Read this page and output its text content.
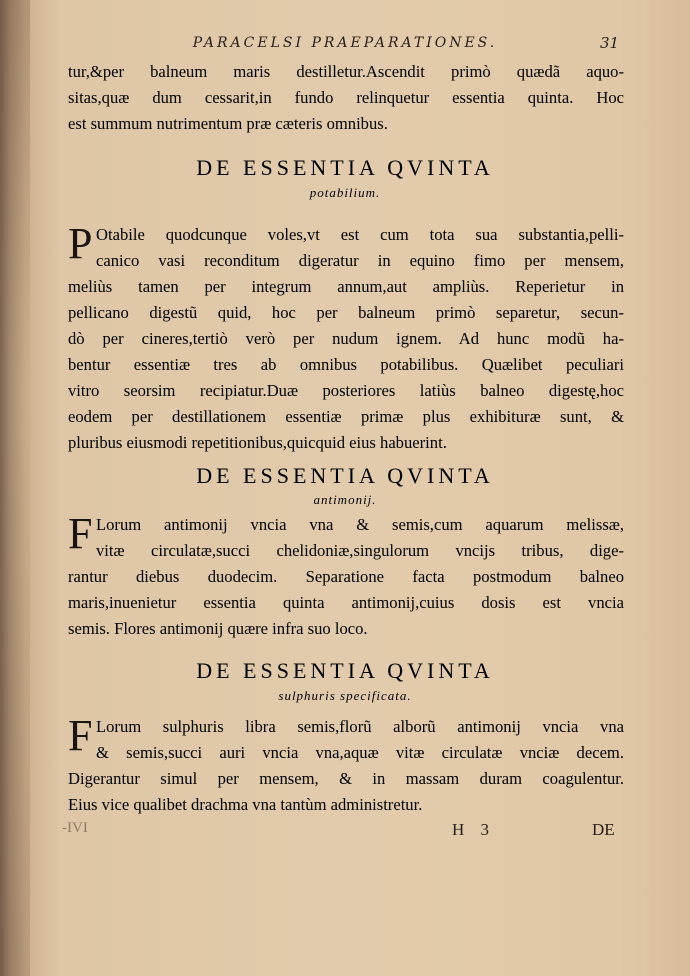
PARACELSI PRAEPARATIONES.	31
tur,&per balneum maris destilletur.Ascendit primò quædã aquo-
sitas,quæ dum cessarit,in fundo relinquetur essentia quinta. Hoc
est summum nutrimentum præ cæteris omnibus.
DE ESSENTIA QVINTA
potabilium.
P Otabile quodcunque voles,vt est cum tota sua substantia,pelli-
canico vasi reconditum digeratur in equino fimo per mensem,
meliùs tamen per integrum annum,aut ampliùs. Reperietur in
pellicano digestũ quid, hoc per balneum primò separetur, secun-
dò per cineres,tertiò verò per nudum ignem. Ad hunc modũ ha-
bentur essentiæ tres ab omnibus potabilibus. Quælibet peculiari
vitro seorsim recipiatur.Duæ posteriores latiùs balneo digestę,hoc
eodem per destillationem essentiæ primæ plus exhibituræ sunt, &
pluribus eiusmodi repetitionibus,quicquid eius habuerint.
DE ESSENTIA QVINTA
antimonij.
F Lorum antimonij vncia vna & semis,cum aquarum melissæ,
vitæ circulatæ,succi chelidoniæ,singulorum vncijs tribus, dige-
rantur diebus duodecim. Separatione facta postmodum balneo
maris,inuenietur essentia quinta antimonij,cuius dosis est vncia
semis. Flores antimonij quære infra suo loco.
DE ESSENTIA QVINTA
sulphuris specificata.
F Lorum sulphuris libra semis,florũ alborũ antimonij vncia vna
& semis,succi auri vncia vna,aquæ vitæ circulatæ vnciæ decem.
Digerantur simul per mensem, & in massam duram coagulentur.
Eius vice qualibet drachma vna tantùm administretur.
-IVI	H 3	DE
